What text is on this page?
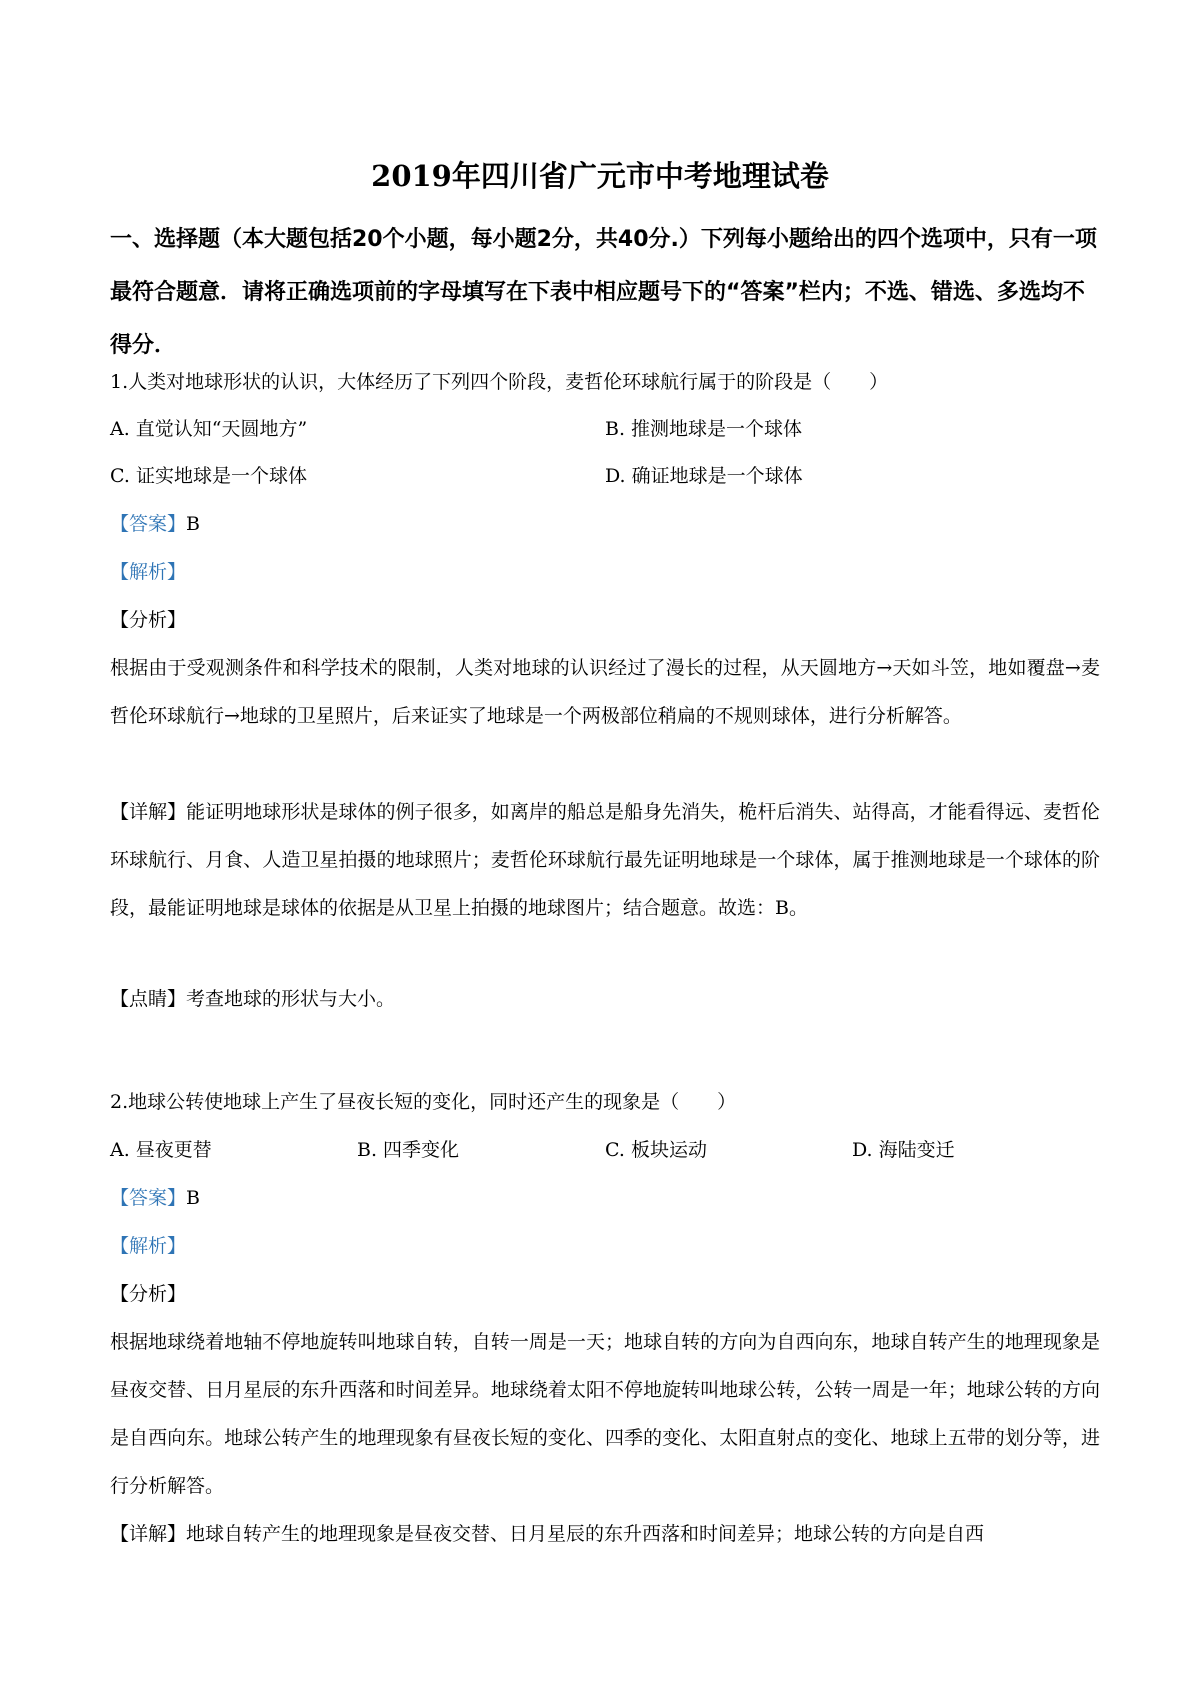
2019年四川省广元市中考地理试卷
一、选择题（本大题包括20个小题，每小题2分，共40分.）下列每小题给出的四个选项中，只有一项最符合题意．请将正确选项前的字母填写在下表中相应题号下的“答案”栏内；不选、错选、多选均不得分．
1.人类对地球形状的认识，大体经历了下列四个阶段，麦哲伦环球航行属于的阶段是（　　）
A. 直觉认知“天圆地方”	B. 推测地球是一个球体
C. 证实地球是一个球体	D. 确证地球是一个球体
【答案】B
【解析】
【分析】
根据由于受观测条件和科学技术的限制，人类对地球的认识经过了漫长的过程，从天圆地方→天如斗笠，地如覆盘→麦哲伦环球航行→地球的卫星照片，后来证实了地球是一个两极部位稍扁的不规则球体，进行分析解答。
【详解】能证明地球形状是球体的例子很多，如离岸的船总是船身先消失，桅杆后消失、站得高，才能看得远、麦哲伦环球航行、月食、人造卫星拍摄的地球照片；麦哲伦环球航行最先证明地球是一个球体，属于推测地球是一个球体的阶段，最能证明地球是球体的依据是从卫星上拍摄的地球图片；结合题意。故选：B。
【点睛】考查地球的形状与大小。
2.地球公转使地球上产生了昼夜长短的变化，同时还产生的现象是（　　）
A. 昼夜更替	B. 四季变化	C. 板块运动	D. 海陆变迁
【答案】B
【解析】
【分析】
根据地球绕着地轴不停地旋转叫地球自转，自转一周是一天；地球自转的方向为自西向东，地球自转产生的地理现象是昼夜交替、日月星辰的东升西落和时间差异。地球绕着太阳不停地旋转叫地球公转，公转一周是一年；地球公转的方向是自西向东。地球公转产生的地理现象有昼夜长短的变化、四季的变化、太阳直射点的变化、地球上五带的划分等，进行分析解答。
【详解】地球自转产生的地理现象是昼夜交替、日月星辰的东升西落和时间差异；地球公转的方向是自西
